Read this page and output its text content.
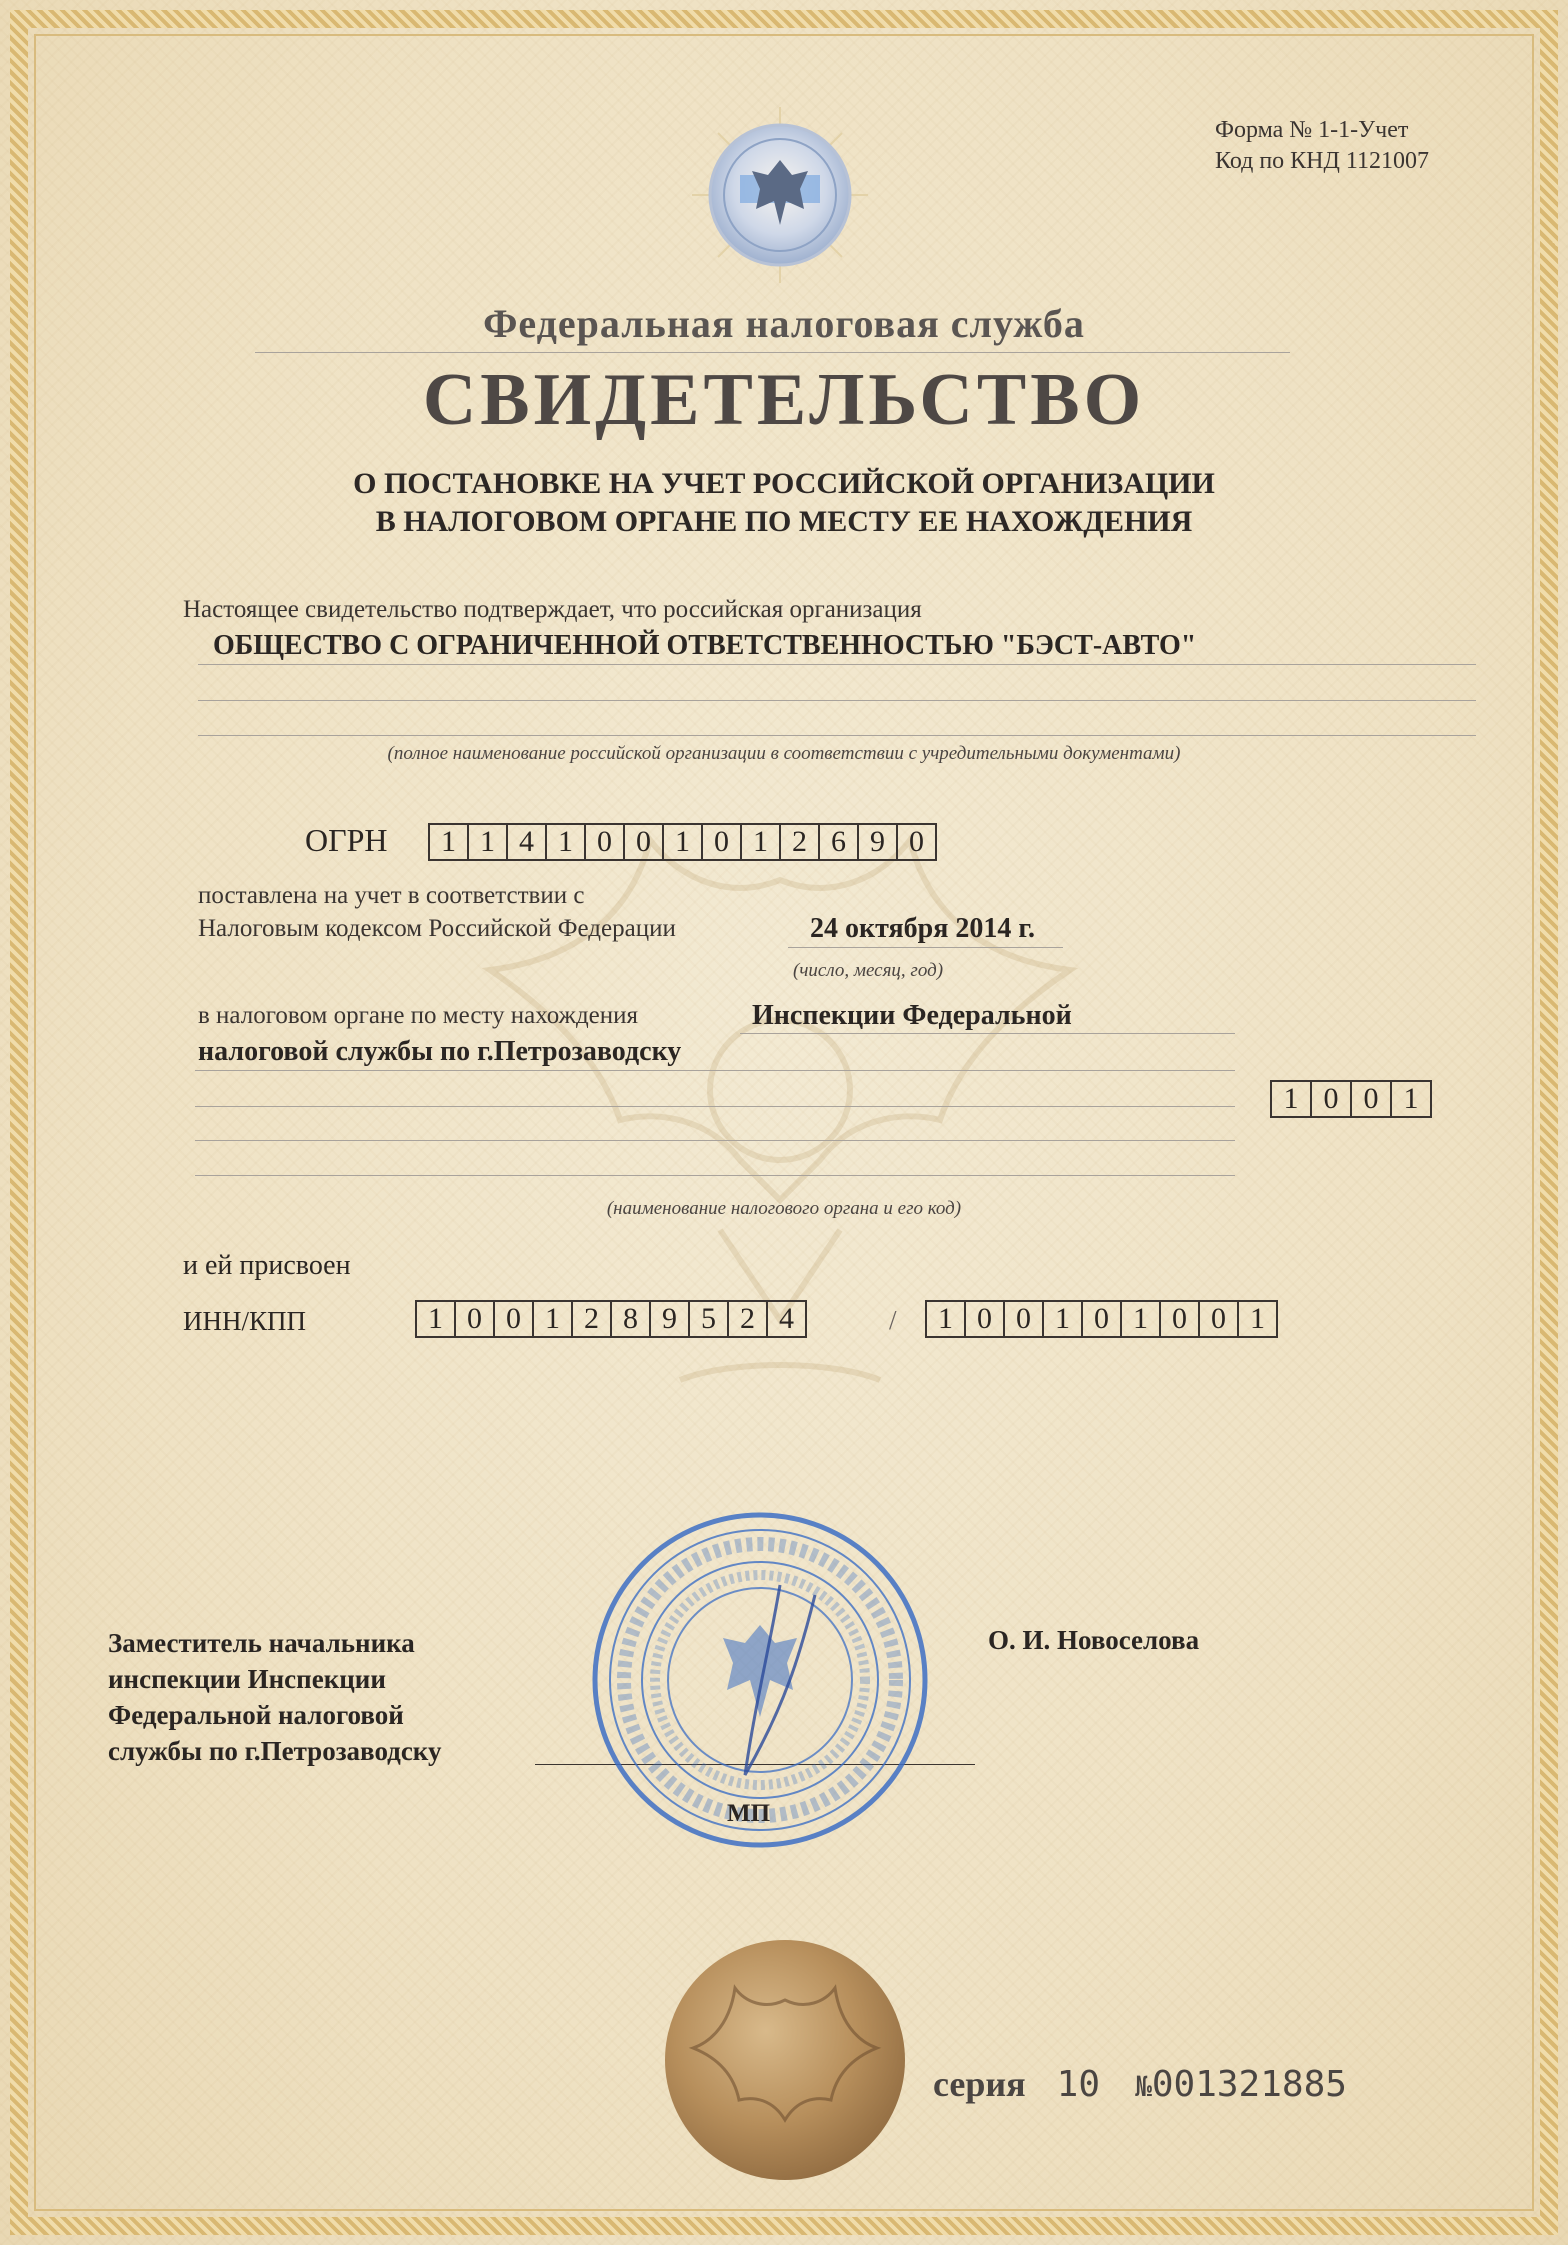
Форма № 1-1-Учет
Код по КНД 1121007
Федеральная налоговая служба
СВИДЕТЕЛЬСТВО
О ПОСТАНОВКЕ НА УЧЕТ РОССИЙСКОЙ ОРГАНИЗАЦИИ
В НАЛОГОВОМ ОРГАНЕ ПО МЕСТУ ЕЕ НАХОЖДЕНИЯ
Настоящее свидетельство подтверждает, что российская организация
ОБЩЕСТВО С ОГРАНИЧЕННОЙ ОТВЕТСТВЕННОСТЬЮ "БЭСТ-АВТО"
(полное наименование российской организации в соответствии с учредительными документами)
ОГРН	1 1 4 1 0 0 1 0 1 2 6 9 0
поставлена на учет в соответствии с
Налоговым кодексом Российской Федерации	24 октября 2014 г.
(число, месяц, год)
в налоговом органе по месту нахождения	Инспекции Федеральной
налоговой службы по г.Петрозаводску
1 0 0 1
(наименование налогового органа и его код)
и ей присвоен
ИНН/КПП	1 0 0 1 2 8 9 5 2 4	/	1 0 0 1 0 1 0 0 1
Заместитель начальника
инспекции Инспекции
Федеральной налоговой
службы по г.Петрозаводску
МП
О. И. Новоселова
серия 10 №001321885
